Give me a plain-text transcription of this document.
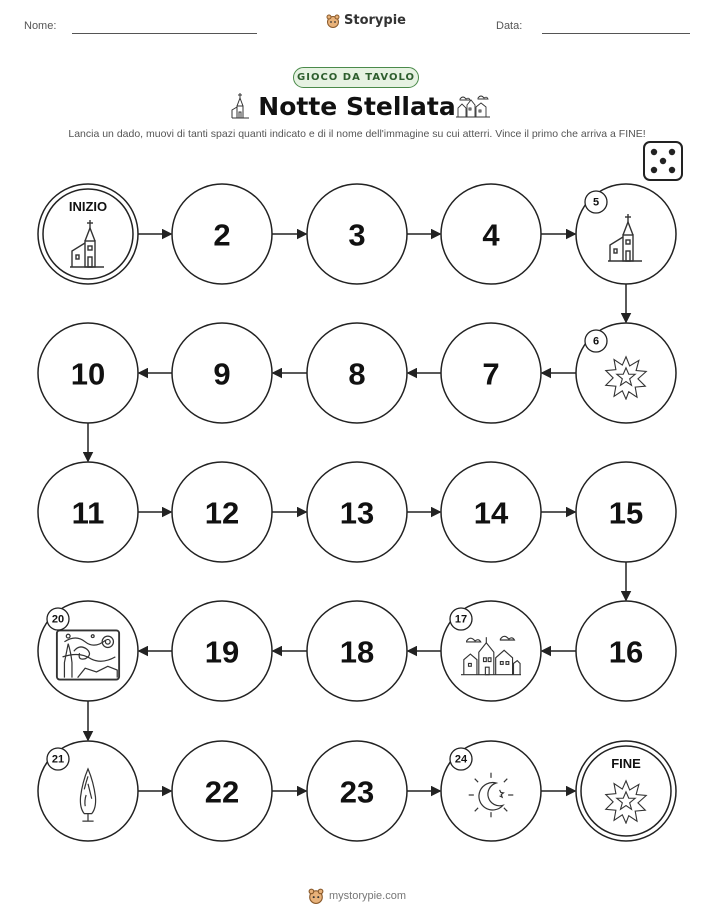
Nome:	Storypie	Data:
GIOCO DA TAVOLO
Notte Stellata
Lancia un dado, muovi di tanti spazi quanti indicato e di il nome dell'immagine su cui atterri. Vince il primo che arriva a FINE!
INIZIO
2	3	4
5
6
7
8
9
10
11	12	13	14	15
16
17
18
19
20
21
22	23
24	FINE
mystorypie.com
